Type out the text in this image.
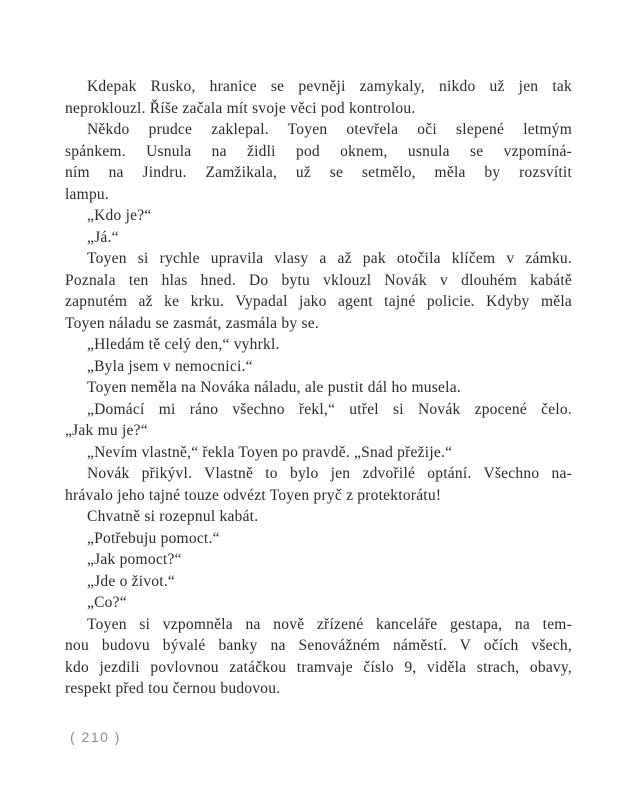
Kdepak Rusko, hranice se pevněji zamykaly, nikdo už jen tak
neproklouzl. Říše začala mít svoje věci pod kontrolou.
Někdo prudce zaklepal. Toyen otevřela oči slepené letmým
spánkem. Usnula na židli pod oknem, usnula se vzpomíná-
ním na Jindru. Zamžikala, už se setmělo, měla by rozsvítit
lampu.
„Kdo je?“
„Já.“
Toyen si rychle upravila vlasy a až pak otočila klíčem v zámku.
Poznala ten hlas hned. Do bytu vklouzl Novák v dlouhém kabátě
zapnutém až ke krku. Vypadal jako agent tajné policie. Kdyby měla
Toyen náladu se zasmát, zasmála by se.
„Hledám tě celý den,“ vyhrkl.
„Byla jsem v nemocnici.“
Toyen neměla na Nováka náladu, ale pustit dál ho musela.
„Domácí mi ráno všechno řekl,“ utřel si Novák zpocené čelo.
„Jak mu je?“
„Nevím vlastně,“ řekla Toyen po pravdě. „Snad přežije.“
Novák přikývl. Vlastně to bylo jen zdvořilé optání. Všechno na-
hrávalo jeho tajné touze odvézt Toyen pryč z protektorátu!
Chvatně si rozepnul kabát.
„Potřebuju pomoct.“
„Jak pomoct?“
„Jde o život.“
„Co?“
Toyen si vzpomněla na nově zřízené kanceláře gestapa, na tem-
nou budovu bývalé banky na Senovážném náměstí. V očích všech,
kdo jezdili povlovnou zatáčkou tramvaje číslo 9, viděla strach, obavy,
respekt před tou černou budovou.
( 210 )
